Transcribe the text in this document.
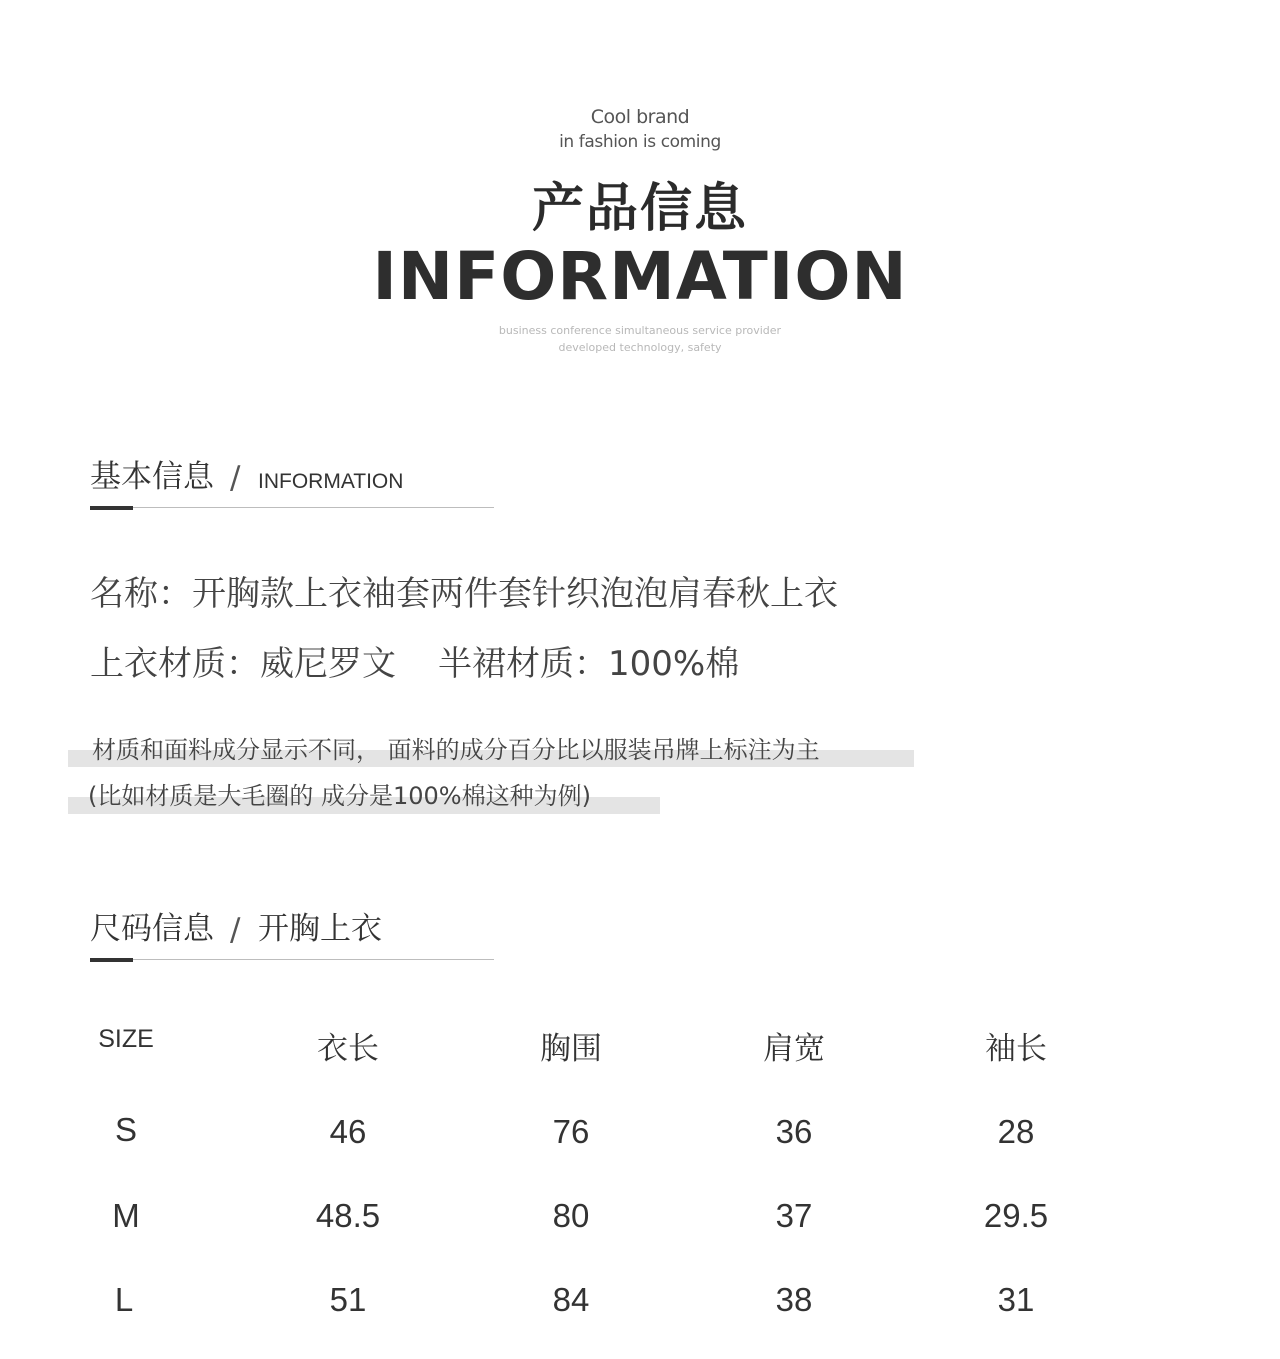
Cool brand
in fashion is coming
产品信息
INFORMATION
business conference simultaneous service provider
developed technology, safety
基本信息 / INFORMATION
名称：开胸款上衣袖套两件套针织泡泡肩春秋上衣
上衣材质：威尼罗文 半裙材质：100%棉
材质和面料成分显示不同， 面料的成分百分比以服装吊牌上标注为主
(比如材质是大毛圈的 成分是100%棉这种为例)
尺码信息 / 开胸上衣
SIZE	衣长	胸围	肩宽	袖长
S	46	76	36	28
M	48.5	80	37	29.5
L	51	84	38	31
